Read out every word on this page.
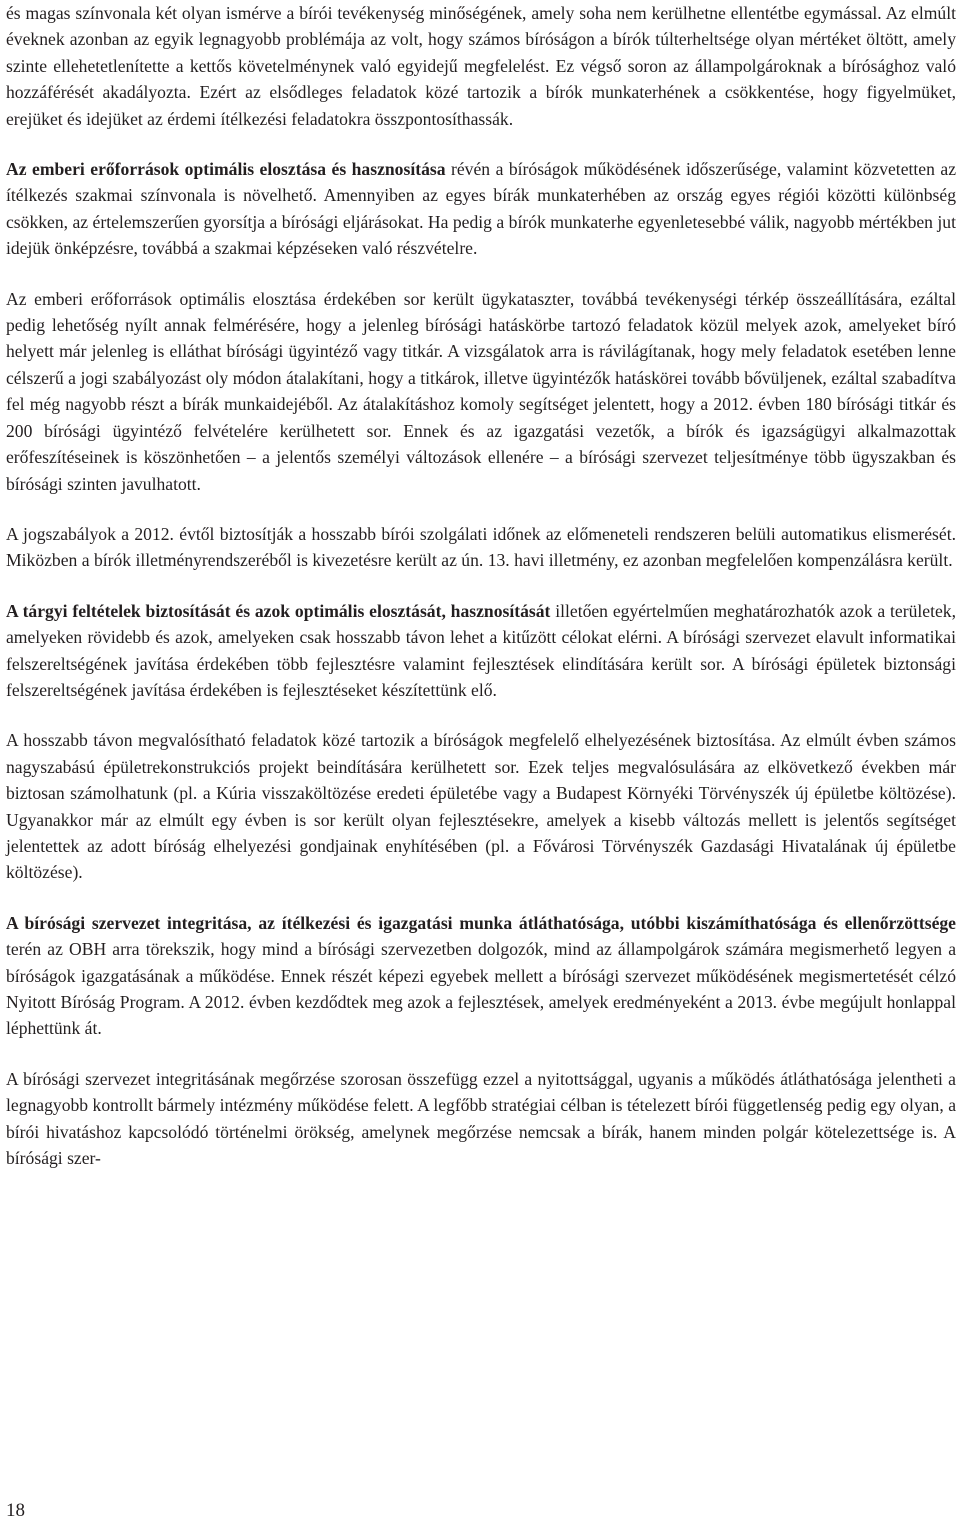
és magas színvonala két olyan ismérve a bírói tevékenység minőségének, amely soha nem kerülhetne ellentétbe egymással. Az elmúlt éveknek azonban az egyik legnagyobb problémája az volt, hogy számos bíróságon a bírók túlterheltsége olyan mértéket öltött, amely szinte ellehetetlenítette a kettős követelménynek való egyidejű megfelelést. Ez végső soron az állampolgároknak a bírósághoz való hozzáférését akadályozta. Ezért az elsődleges feladatok közé tartozik a bírók munkaterhének a csökkentése, hogy figyelmüket, erejüket és idejüket az érdemi ítélkezési feladatokra összpontosíthassák.

Az emberi erőforrások optimális elosztása és hasznosítása révén a bíróságok működésének időszerűsége, valamint közvetetten az ítélkezés szakmai színvonala is növelhető. Amennyiben az egyes bírák munkaterhében az ország egyes régiói közötti különbség csökken, az értelemszerűen gyorsítja a bírósági eljárásokat. Ha pedig a bírók munkaterhe egyenletesebbé válik, nagyobb mértékben jut idejük önképzésre, továbbá a szakmai képzéseken való részvételre.

Az emberi erőforrások optimális elosztása érdekében sor került ügykataszter, továbbá tevékenységi térkép összeállítására, ezáltal pedig lehetőség nyílt annak felmérésére, hogy a jelenleg bírósági hatáskörbe tartozó feladatok közül melyek azok, amelyeket bíró helyett már jelenleg is elláthat bírósági ügyintéző vagy titkár. A vizsgálatok arra is rávilágítanak, hogy mely feladatok esetében lenne célszerű a jogi szabályozást oly módon átalakítani, hogy a titkárok, illetve ügyintézők hatáskörei tovább bővüljenek, ezáltal szabadítva fel még nagyobb részt a bírák munkaidejéből. Az átalakításhoz komoly segítséget jelentett, hogy a 2012. évben 180 bírósági titkár és 200 bírósági ügyintéző felvételére kerülhetett sor. Ennek és az igazgatási vezetők, a bírók és igazságügyi alkalmazottak erőfeszítéseinek is köszönhetően – a jelentős személyi változások ellenére – a bírósági szervezet teljesítménye több ügyszakban és bírósági szinten javulhatott.

A jogszabályok a 2012. évtől biztosítják a hosszabb bírói szolgálati időnek az előmeneteli rendszeren belüli automatikus elismerését. Miközben a bírók illetményrendszeréből is kivezetésre került az ún. 13. havi illetmény, ez azonban megfelelően kompenzálásra került.

A tárgyi feltételek biztosítását és azok optimális elosztását, hasznosítását illetően egyértelműen meghatározhatók azok a területek, amelyeken rövidebb és azok, amelyeken csak hosszabb távon lehet a kitűzött célokat elérni. A bírósági szervezet elavult informatikai felszereltségének javítása érdekében több fejlesztésre valamint fejlesztések elindítására került sor. A bírósági épületek biztonsági felszereltségének javítása érdekében is fejlesztéseket készítettünk elő.

A hosszabb távon megvalósítható feladatok közé tartozik a bíróságok megfelelő elhelyezésének biztosítása. Az elmúlt évben számos nagyszabású épületrekonstrukciós projekt beindítására kerülhetett sor. Ezek teljes megvalósulására az elkövetkező években már biztosan számolhatunk (pl. a Kúria visszaköltözése eredeti épületébe vagy a Budapest Környéki Törvényszék új épületbe költözése). Ugyanakkor már az elmúlt egy évben is sor került olyan fejlesztésekre, amelyek a kisebb változás mellett is jelentős segítséget jelentettek az adott bíróság elhelyezési gondjainak enyhítésében (pl. a Fővárosi Törvényszék Gazdasági Hivatalának új épületbe költözése).

A bírósági szervezet integritása, az ítélkezési és igazgatási munka átláthatósága, utóbbi kiszámíthatósága és ellenőrzöttsége terén az OBH arra törekszik, hogy mind a bírósági szervezetben dolgozók, mind az állampolgárok számára megismerhető legyen a bíróságok igazgatásának a működése. Ennek részét képezi egyebek mellett a bírósági szervezet működésének megismertetését célzó Nyitott Bíróság Program. A 2012. évben kezdődtek meg azok a fejlesztések, amelyek eredményeként a 2013. évbe megújult honlappal léphettünk át.

A bírósági szervezet integritásának megőrzése szorosan összefügg ezzel a nyitottsággal, ugyanis a működés átláthatósága jelentheti a legnagyobb kontrollt bármely intézmény működése felett. A legfőbb stratégiai célban is tételezett bírói függetlenség pedig egy olyan, a bírói hivatáshoz kapcsolódó történelmi örökség, amelynek megőrzése nemcsak a bírák, hanem minden polgár kötelezettsége is. A bírósági szer-

18
